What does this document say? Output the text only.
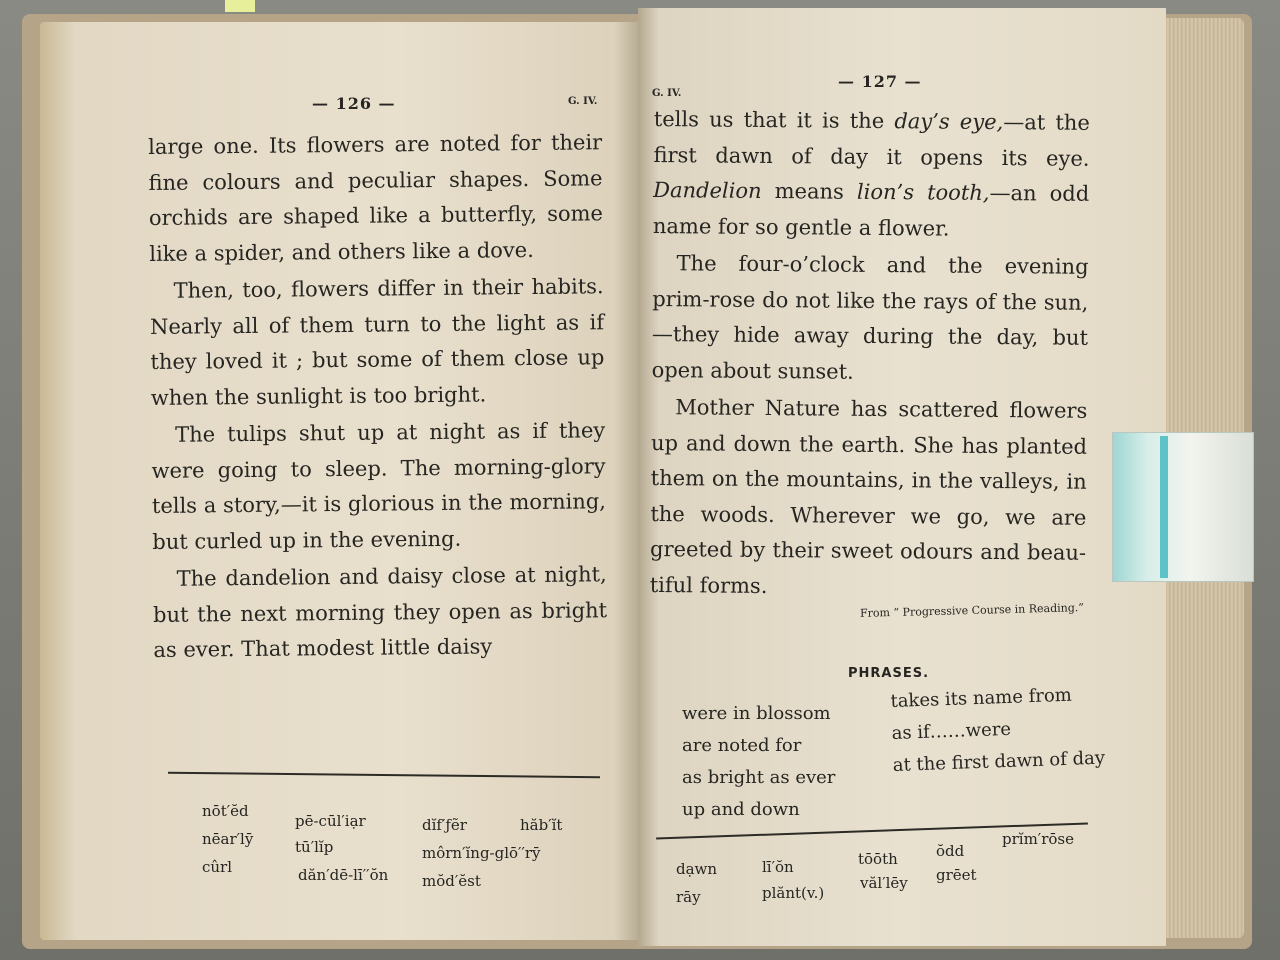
— 126 —	G. IV.

large one. Its flowers are noted for their fine colours and peculiar shapes. Some orchids are shaped like a butterfly, some like a spider, and others like a dove.

Then, too, flowers differ in their habits. Nearly all of them turn to the light as if they loved it ; but some of them close up when the sunlight is too bright.

The tulips shut up at night as if they were going to sleep. The morning-glory tells a story,—it is glorious in the morning, but curled up in the evening.

The dandelion and daisy close at night, but the next morning they open as bright as ever. That modest little daisy

nōt′ĕd
nēar′lȳ
cûrl
pē-cūl′iạr
tū′lĭp
dăn′dē-lī′′ŏn
dĭf′ƒẽr
môrn′ĭng-glō′′rȳ
mŏd′ĕst
hăb′ĭt
G. IV.
— 127 —

tells us that it is the day’s eye,—at the first dawn of day it opens its eye. Dandelion means lion’s tooth,—an odd name for so gentle a flower.

The four-o’clock and the evening prim-rose do not like the rays of the sun,—they hide away during the day, but open about sunset.

Mother Nature has scattered flowers up and down the earth. She has planted them on the mountains, in the valleys, in the woods. Wherever we go, we are greeted by their sweet odours and beau-tiful forms.

From “ Progressive Course in Reading.”
PHRASES.
were in blossom
are noted for
as bright as ever
up and down
takes its name from
as if……were
at the first dawn of day
dạwn
rāy
lī′ŏn
plănt(v.)
tōōth
văl′lēy
ŏdd
grēet
prĭm′rōse
